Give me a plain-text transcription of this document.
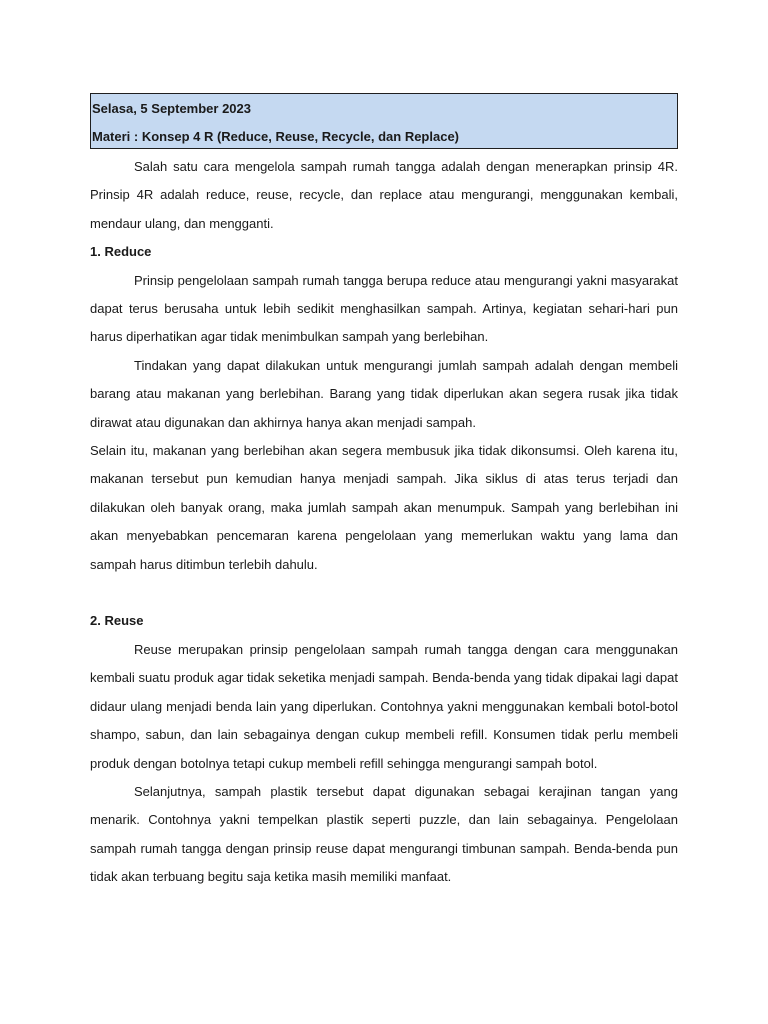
Selasa, 5 September 2023
Materi : Konsep 4 R (Reduce, Reuse, Recycle, dan Replace)

Salah satu cara mengelola sampah rumah tangga adalah dengan menerapkan prinsip 4R. Prinsip 4R adalah reduce, reuse, recycle, dan replace atau mengurangi, menggunakan kembali, mendaur ulang, dan mengganti.

1. Reduce

Prinsip pengelolaan sampah rumah tangga berupa reduce atau mengurangi yakni masyarakat dapat terus berusaha untuk lebih sedikit menghasilkan sampah. Artinya, kegiatan sehari-hari pun harus diperhatikan agar tidak menimbulkan sampah yang berlebihan.

Tindakan yang dapat dilakukan untuk mengurangi jumlah sampah adalah dengan membeli barang atau makanan yang berlebihan. Barang yang tidak diperlukan akan segera rusak jika tidak dirawat atau digunakan dan akhirnya hanya akan menjadi sampah.

Selain itu, makanan yang berlebihan akan segera membusuk jika tidak dikonsumsi. Oleh karena itu, makanan tersebut pun kemudian hanya menjadi sampah. Jika siklus di atas terus terjadi dan dilakukan oleh banyak orang, maka jumlah sampah akan menumpuk. Sampah yang berlebihan ini akan menyebabkan pencemaran karena pengelolaan yang memerlukan waktu yang lama dan sampah harus ditimbun terlebih dahulu.

2. Reuse

Reuse merupakan prinsip pengelolaan sampah rumah tangga dengan cara menggunakan kembali suatu produk agar tidak seketika menjadi sampah. Benda-benda yang tidak dipakai lagi dapat didaur ulang menjadi benda lain yang diperlukan. Contohnya yakni menggunakan kembali botol-botol shampo, sabun, dan lain sebagainya dengan cukup membeli refill. Konsumen tidak perlu membeli produk dengan botolnya tetapi cukup membeli refill sehingga mengurangi sampah botol.

Selanjutnya, sampah plastik tersebut dapat digunakan sebagai kerajinan tangan yang menarik. Contohnya yakni tempelkan plastik seperti puzzle, dan lain sebagainya. Pengelolaan sampah rumah tangga dengan prinsip reuse dapat mengurangi timbunan sampah. Benda-benda pun tidak akan terbuang begitu saja ketika masih memiliki manfaat.
